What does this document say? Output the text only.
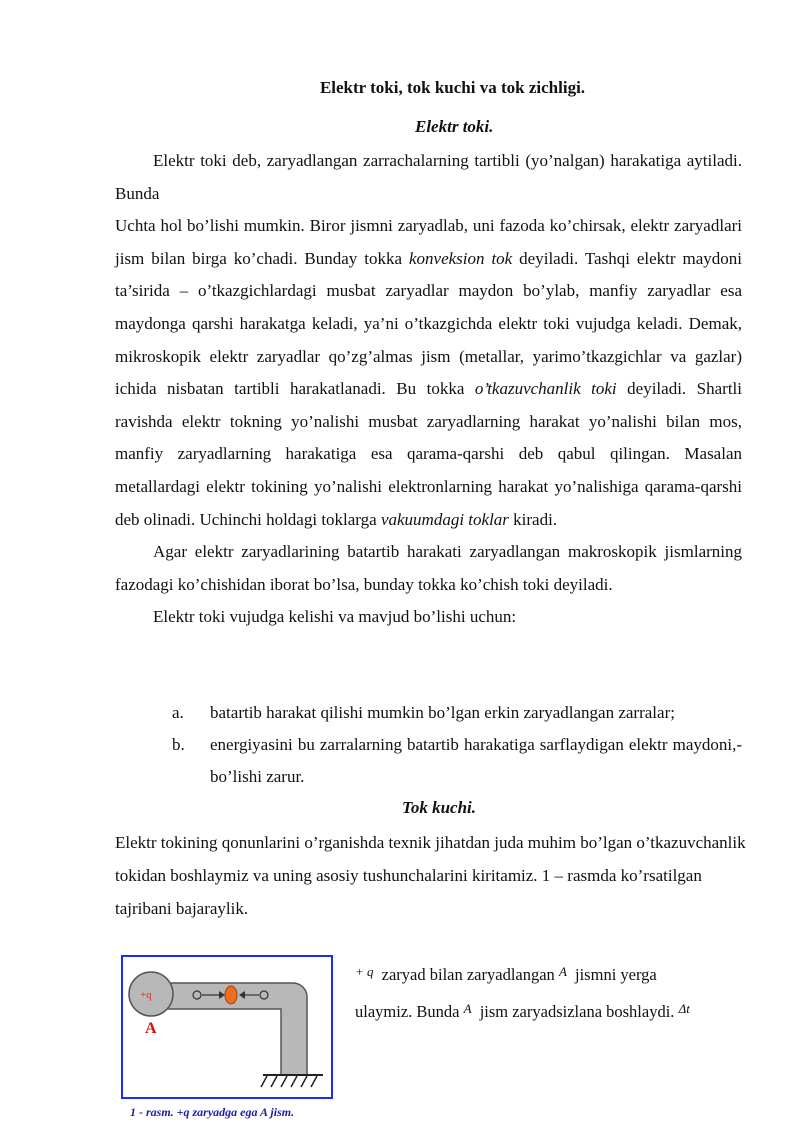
Elektr toki, tok kuchi va tok zichligi.
Elektr toki.
Elektr toki deb, zaryadlangan zarrachalarning tartibli (yo’nalgan) harakatiga aytiladi. Bunda
Uchta hol bo’lishi mumkin. Biror jismni zaryadlab, uni fazoda ko’chirsak, elektr zaryadlari jism bilan birga ko’chadi. Bunday tokka konveksion tok deyiladi. Tashqi elektr maydoni ta’sirida – o’tkazgichlardagi musbat zaryadlar maydon bo’ylab, manfiy zaryadlar esa maydonga qarshi harakatga keladi, ya’ni o’tkazgichda elektr toki vujudga keladi. Demak, mikroskopik elektr zaryadlar qo’zg’almas jism (metallar, yarimo’tkazgichlar va gazlar) ichida nisbatan tartibli harakatlanadi. Bu tokka o’tkazuvchanlik toki deyiladi. Shartli ravishda elektr tokning yo’nalishi musbat zaryadlarning harakat yo’nalishi bilan mos, manfiy zaryadlarning harakatiga esa qarama-qarshi deb qabul qilingan. Masalan metallardagi elektr tokining yo’nalishi elektronlarning harakat yo’nalishiga qarama-qarshi deb olinadi. Uchinchi holdagi toklarga vakuumdagi toklar kiradi.
Agar elektr zaryadlarining batartib harakati zaryadlangan makroskopik jismlarning fazodagi ko’chishidan iborat bo’lsa, bunday tokka ko’chish toki deyiladi.
Elektr toki vujudga kelishi va mavjud bo’lishi uchun:
a. batartib harakat qilishi mumkin bo’lgan erkin zaryadlangan zarralar;
b. energiyasini bu zarralarning batartib harakatiga sarflaydigan elektr maydoni,- bo’lishi zarur.
Tok kuchi.
Elektr tokining qonunlarini o’rganishda texnik jihatdan juda muhim bo’lgan o’tkazuvchanlik tokidan boshlaymiz va uning asosiy tushunchalarini kiritamiz. 1 – rasmda ko’rsatilgan tajribani bajaraylik.
+q
A
1 - rasm. +q zaryadga ega A jism.
$^{+ q}$ zaryad bilan zaryadlangan $^A$ jismni yerga
ulaymiz. Bunda $^A$ jism zaryadsizlana boshlaydi. $^{\Delta t}$
